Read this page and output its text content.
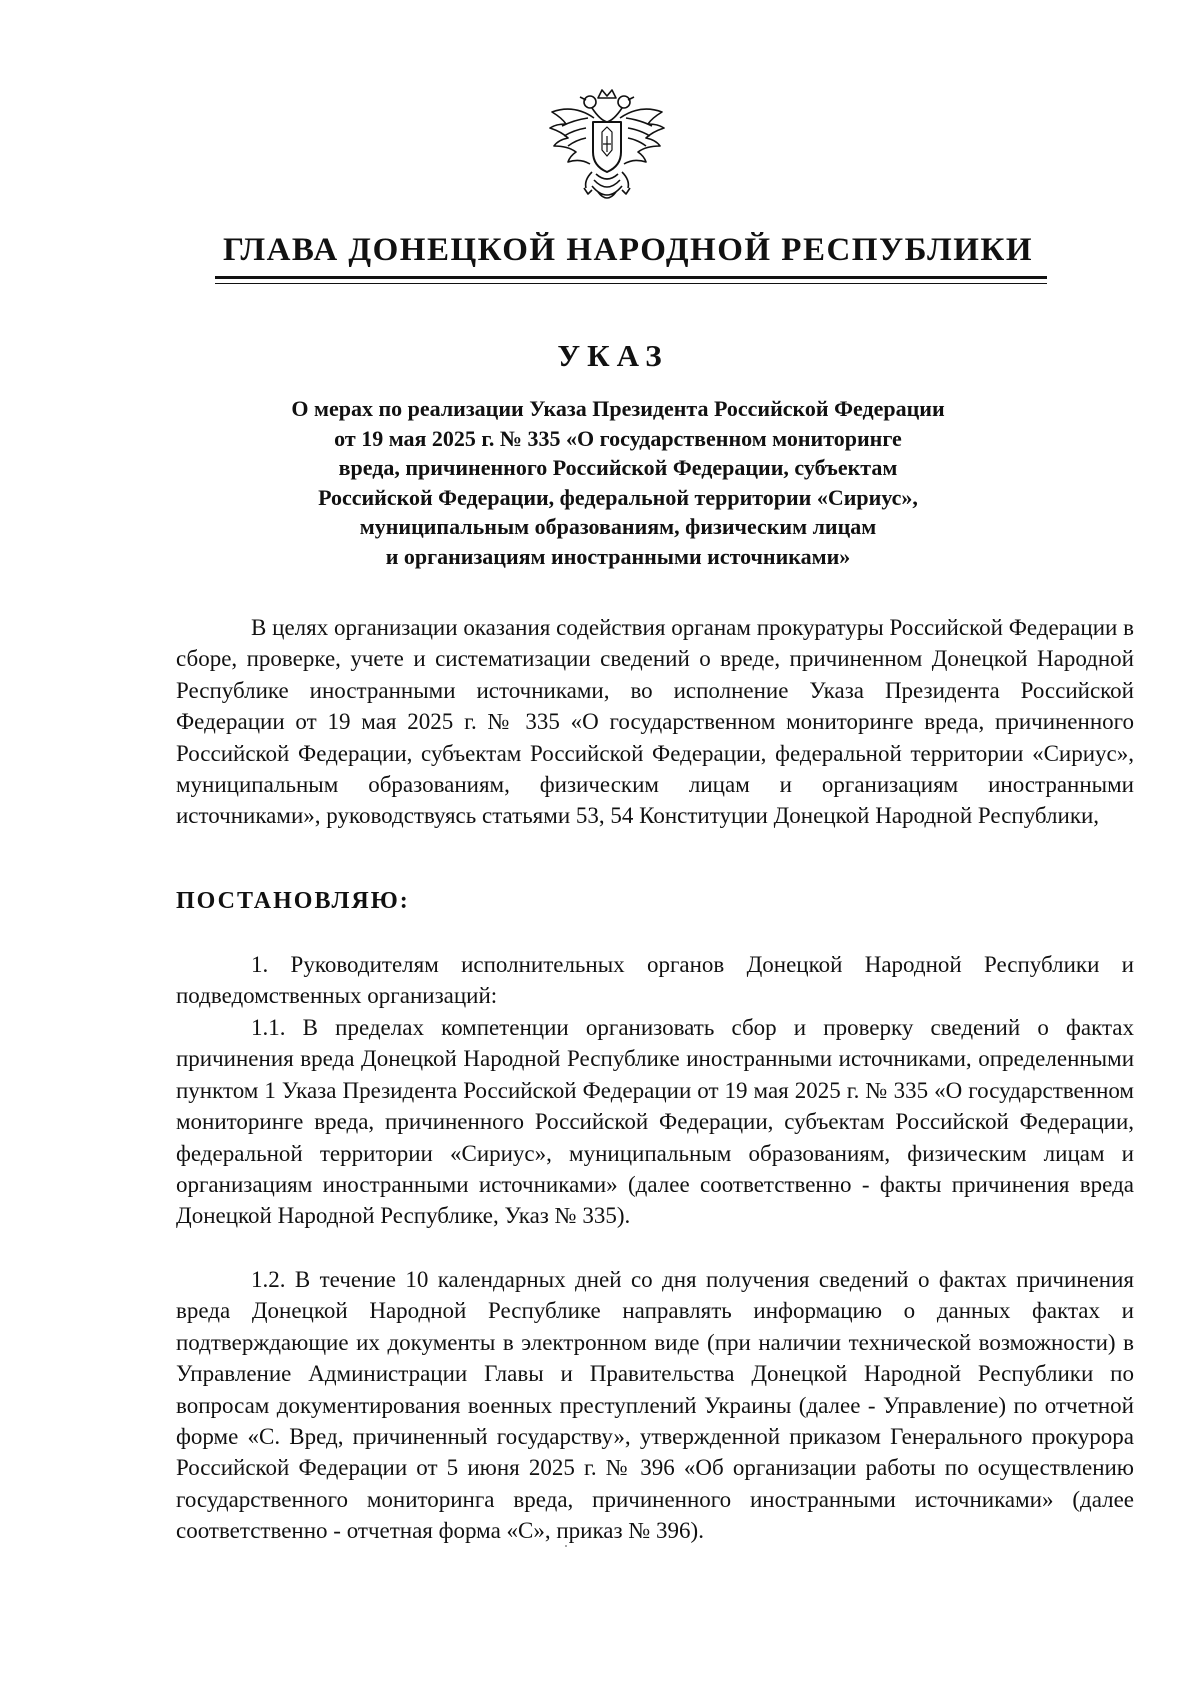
ГЛАВА ДОНЕЦКОЙ НАРОДНОЙ РЕСПУБЛИКИ
УКАЗ
О мерах по реализации Указа Президента Российской Федерации
от 19 мая 2025 г. № 335 «О государственном мониторинге
вреда, причиненного Российской Федерации, субъектам
Российской Федерации, федеральной территории «Сириус»,
муниципальным образованиям, физическим лицам
и организациям иностранными источниками»

В целях организации оказания содействия органам прокуратуры Российской Федерации в сборе, проверке, учете и систематизации сведений о вреде, причиненном Донецкой Народной Республике иностранными источниками, во исполнение Указа Президента Российской Федерации от 19 мая 2025 г. № 335 «О государственном мониторинге вреда, причиненного Российской Федерации, субъектам Российской Федерации, федеральной территории «Сириус», муниципальным образованиям, физическим лицам и организациям иностранными источниками», руководствуясь статьями 53, 54 Конституции Донецкой Народной Республики,

ПОСТАНОВЛЯЮ:

1. Руководителям исполнительных органов Донецкой Народной Республики и подведомственных организаций:

1.1. В пределах компетенции организовать сбор и проверку сведений о фактах причинения вреда Донецкой Народной Республике иностранными источниками, определенными пунктом 1 Указа Президента Российской Федерации от 19 мая 2025 г. № 335 «О государственном мониторинге вреда, причиненного Российской Федерации, субъектам Российской Федерации, федеральной территории «Сириус», муниципальным образованиям, физическим лицам и организациям иностранными источниками» (далее соответственно - факты причинения вреда Донецкой Народной Республике, Указ № 335).

1.2. В течение 10 календарных дней со дня получения сведений о фактах причинения вреда Донецкой Народной Республике направлять информацию о данных фактах и подтверждающие их документы в электронном виде (при наличии технической возможности) в Управление Администрации Главы и Правительства Донецкой Народной Республики по вопросам документирования военных преступлений Украины (далее - Управление) по отчетной форме «С. Вред, причиненный государству», утвержденной приказом Генерального прокурора Российской Федерации от 5 июня 2025 г. № 396 «Об организации работы по осуществлению государственного мониторинга вреда, причиненного иностранными источниками» (далее соответственно - отчетная форма «С», приказ № 396).
